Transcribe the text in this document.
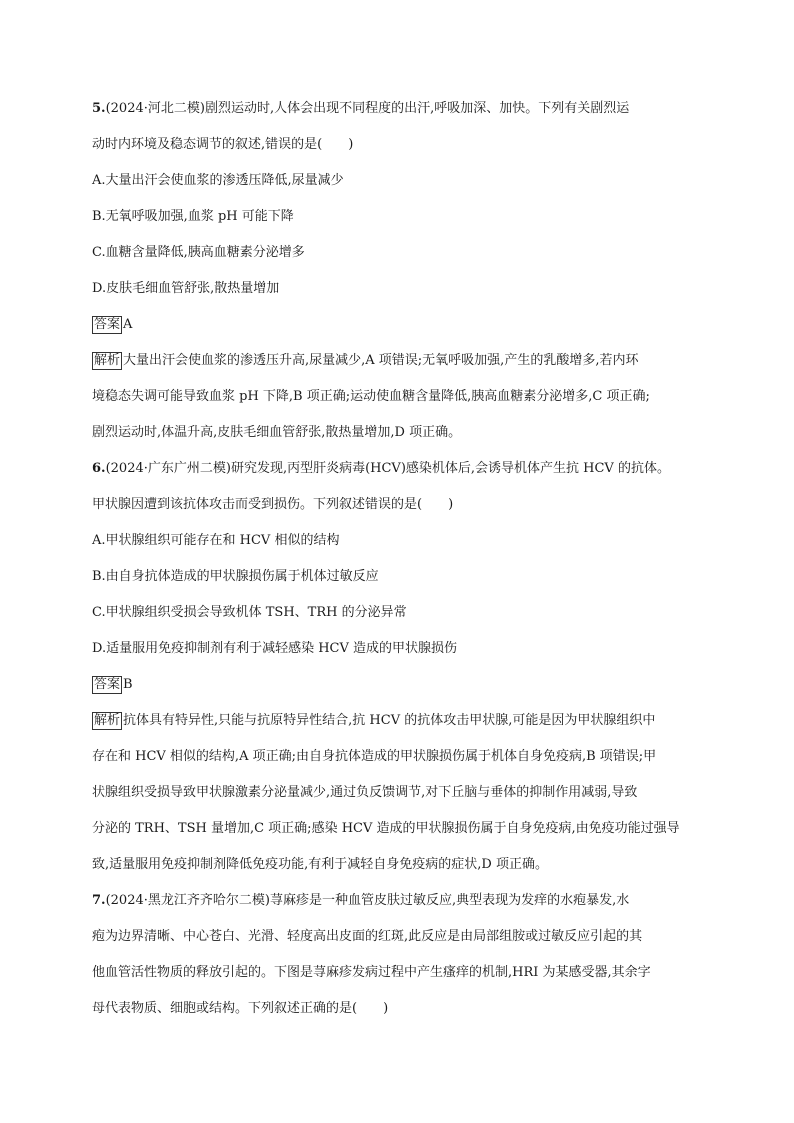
5.(2024·河北二模)剧烈运动时,人体会出现不同程度的出汗,呼吸加深、加快。下列有关剧烈运
动时内环境及稳态调节的叙述,错误的是(　　)
A.大量出汗会使血浆的渗透压降低,尿量减少
B.无氧呼吸加强,血浆 pH 可能下降
C.血糖含量降低,胰高血糖素分泌增多
D.皮肤毛细血管舒张,散热量增加
答案 A
解析 大量出汗会使血浆的渗透压升高,尿量减少,A 项错误;无氧呼吸加强,产生的乳酸增多,若内环
境稳态失调可能导致血浆 pH 下降,B 项正确;运动使血糖含量降低,胰高血糖素分泌增多,C 项正确;
剧烈运动时,体温升高,皮肤毛细血管舒张,散热量增加,D 项正确。
6.(2024·广东广州二模)研究发现,丙型肝炎病毒(HCV)感染机体后,会诱导机体产生抗 HCV 的抗体。
甲状腺因遭到该抗体攻击而受到损伤。下列叙述错误的是(　　)
A.甲状腺组织可能存在和 HCV 相似的结构
B.由自身抗体造成的甲状腺损伤属于机体过敏反应
C.甲状腺组织受损会导致机体 TSH、TRH 的分泌异常
D.适量服用免疫抑制剂有利于减轻感染 HCV 造成的甲状腺损伤
答案 B
解析 抗体具有特异性,只能与抗原特异性结合,抗 HCV 的抗体攻击甲状腺,可能是因为甲状腺组织中
存在和 HCV 相似的结构,A 项正确;由自身抗体造成的甲状腺损伤属于机体自身免疫病,B 项错误;甲
状腺组织受损导致甲状腺激素分泌量减少,通过负反馈调节,对下丘脑与垂体的抑制作用减弱,导致
分泌的 TRH、TSH 量增加,C 项正确;感染 HCV 造成的甲状腺损伤属于自身免疫病,由免疫功能过强导
致,适量服用免疫抑制剂降低免疫功能,有利于减轻自身免疫病的症状,D 项正确。
7.(2024·黑龙江齐齐哈尔二模)荨麻疹是一种血管皮肤过敏反应,典型表现为发痒的水疱暴发,水
疱为边界清晰、中心苍白、光滑、轻度高出皮面的红斑,此反应是由局部组胺或过敏反应引起的其
他血管活性物质的释放引起的。下图是荨麻疹发病过程中产生瘙痒的机制,HRI 为某感受器,其余字
母代表物质、细胞或结构。下列叙述正确的是(　　)
